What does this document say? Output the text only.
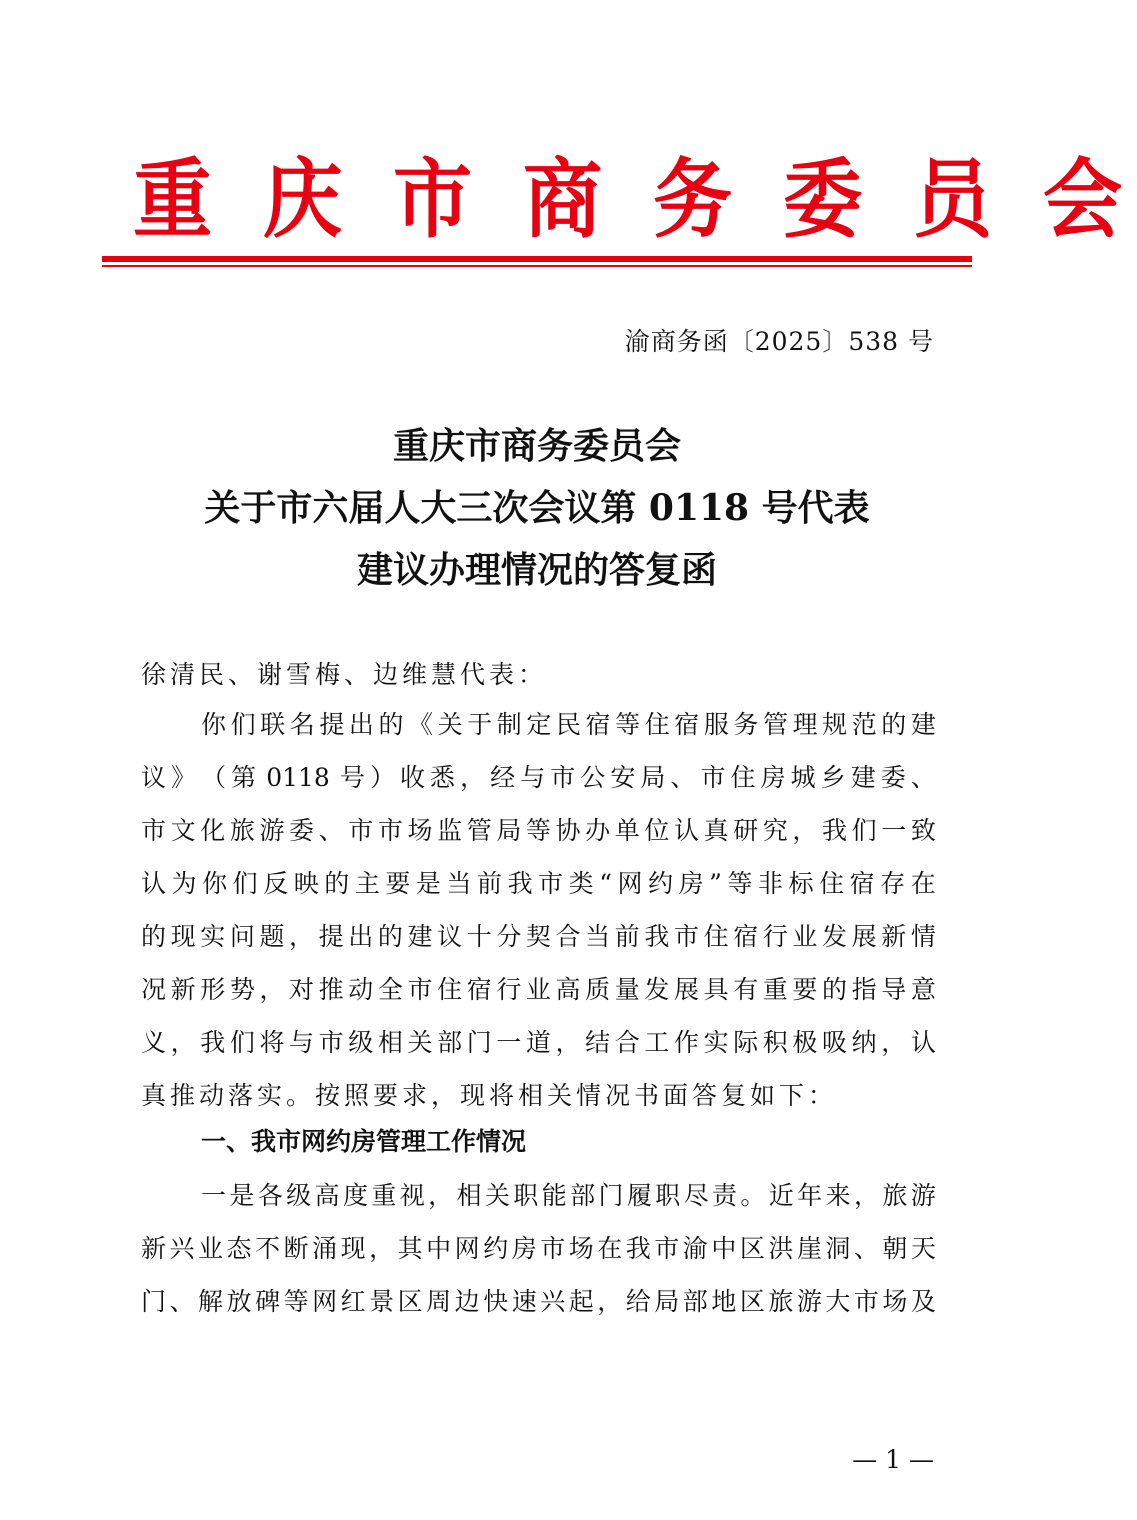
重 庆 市 商 务 委 员 会
渝商务函〔2025〕538 号
重庆市商务委员会
关于市六届人大三次会议第 0118 号代表
建议办理情况的答复函
徐清民、谢雪梅、边维慧代表：
你 们 联 名 提 出 的 《 关 于 制 定 民 宿 等 住 宿 服 务 管 理 规 范 的 建
议 》 （ 第 0118 号 ） 收 悉 ， 经 与 市 公 安 局 、 市 住 房 城 乡 建 委 、
市 文 化 旅 游 委 、 市 市 场 监 管 局 等 协 办 单 位 认 真 研 究 ， 我 们 一 致
认 为 你 们 反 映 的 主 要 是 当 前 我 市 类 “ 网 约 房 ” 等 非 标 住 宿 存 在
的 现 实 问 题 ， 提 出 的 建 议 十 分 契 合 当 前 我 市 住 宿 行 业 发 展 新 情
况 新 形 势 ， 对 推 动 全 市 住 宿 行 业 高 质 量 发 展 具 有 重 要 的 指 导 意
义 ， 我 们 将 与 市 级 相 关 部 门 一 道 ， 结 合 工 作 实 际 积 极 吸 纳 ， 认
真推动落实。按照要求，现将相关情况书面答复如下：
一、我市网约房管理工作情况
一 是 各 级 高 度 重 视 ， 相 关 职 能 部 门 履 职 尽 责 。 近 年 来 ， 旅 游
新 兴 业 态 不 断 涌 现 ， 其 中 网 约 房 市 场 在 我 市 渝 中 区 洪 崖 洞 、 朝 天
门 、 解 放 碑 等 网 红 景 区 周 边 快 速 兴 起 ， 给 局 部 地 区 旅 游 大 市 场 及
— 1 —
